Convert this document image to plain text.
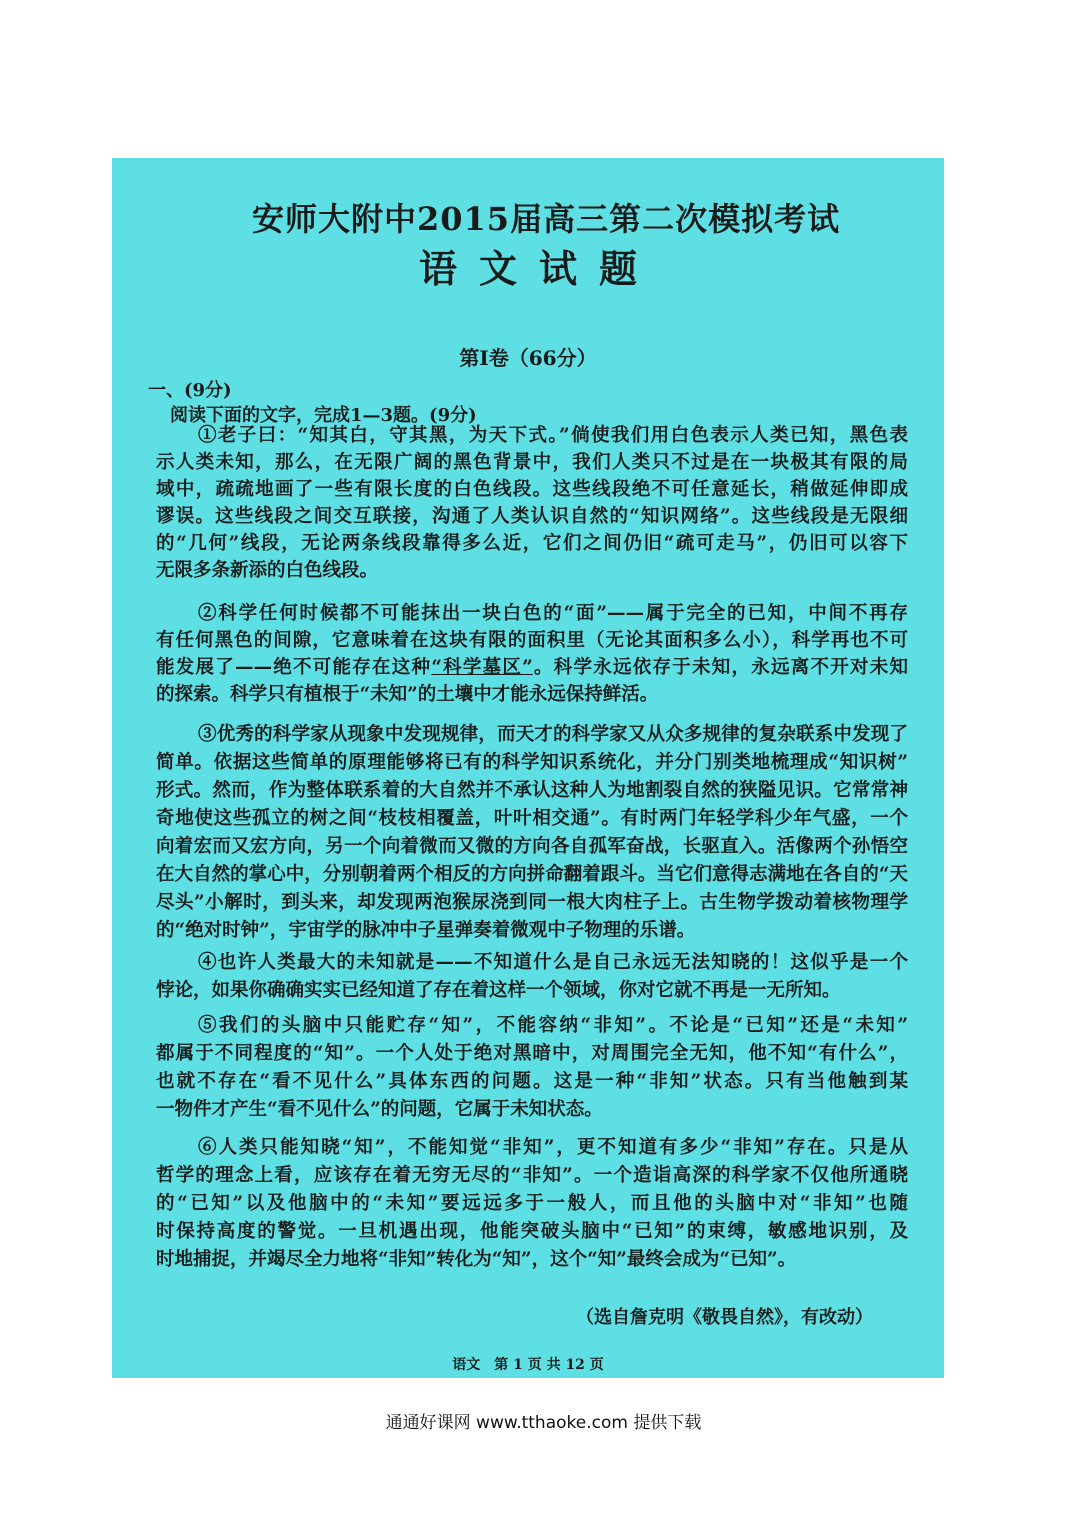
安师大附中2015届高三第二次模拟考试
语文试题
第Ⅰ卷（66分）
一、(9分)
阅读下面的文字，完成1—3题。(9分)
①老子曰：“知其白，守其黑，为天下式。”倘使我们用白色表示人类已知，黑色表
示人类未知，那么，在无限广阔的黑色背景中，我们人类只不过是在一块极其有限的局
域中，疏疏地画了一些有限长度的白色线段。这些线段绝不可任意延长，稍做延伸即成
谬误。这些线段之间交互联接，沟通了人类认识自然的“知识网络”。这些线段是无限细
的“几何”线段，无论两条线段靠得多么近，它们之间仍旧“疏可走马”，仍旧可以容下
无限多条新添的白色线段。
②科学任何时候都不可能抹出一块白色的“面”——属于完全的已知，中间不再存
有任何黑色的间隙，它意味着在这块有限的面积里（无论其面积多么小），科学再也不可
能发展了——绝不可能存在这种“科学墓区”。科学永远依存于未知，永远离不开对未知
的探索。科学只有植根于“未知”的土壤中才能永远保持鲜活。
③优秀的科学家从现象中发现规律，而天才的科学家又从众多规律的复杂联系中发现了
简单。依据这些简单的原理能够将已有的科学知识系统化，并分门别类地梳理成“知识树”
形式。然而，作为整体联系着的大自然并不承认这种人为地割裂自然的狭隘见识。它常常神
奇地使这些孤立的树之间“枝枝相覆盖，叶叶相交通”。有时两门年轻学科少年气盛，一个
向着宏而又宏方向，另一个向着微而又微的方向各自孤军奋战，长驱直入。活像两个孙悟空
在大自然的掌心中，分别朝着两个相反的方向拼命翻着跟斗。当它们意得志满地在各自的“天
尽头”小解时，到头来，却发现两泡猴尿浇到同一根大肉柱子上。古生物学拨动着核物理学
的“绝对时钟”，宇宙学的脉冲中子星弹奏着微观中子物理的乐谱。
④也许人类最大的未知就是——不知道什么是自己永远无法知晓的！这似乎是一个
悖论，如果你确确实实已经知道了存在着这样一个领域，你对它就不再是一无所知。
⑤我们的头脑中只能贮存“知”，不能容纳“非知”。不论是“已知”还是“未知”
都属于不同程度的“知”。一个人处于绝对黑暗中，对周围完全无知，他不知“有什么”，
也就不存在“看不见什么”具体东西的问题。这是一种“非知”状态。只有当他触到某
一物件才产生“看不见什么”的问题，它属于未知状态。
⑥人类只能知晓“知”，不能知觉“非知”，更不知道有多少“非知”存在。只是从
哲学的理念上看，应该存在着无穷无尽的“非知”。一个造诣高深的科学家不仅他所通晓
的“已知”以及他脑中的“未知”要远远多于一般人，而且他的头脑中对“非知”也随
时保持高度的警觉。一旦机遇出现，他能突破头脑中“已知”的束缚，敏感地识别，及
时地捕捉，并竭尽全力地将“非知”转化为“知”，这个“知”最终会成为“已知”。
（选自詹克明《敬畏自然》，有改动）
语文　第 1 页 共 12 页
通通好课网 www.tthaoke.com 提供下载
